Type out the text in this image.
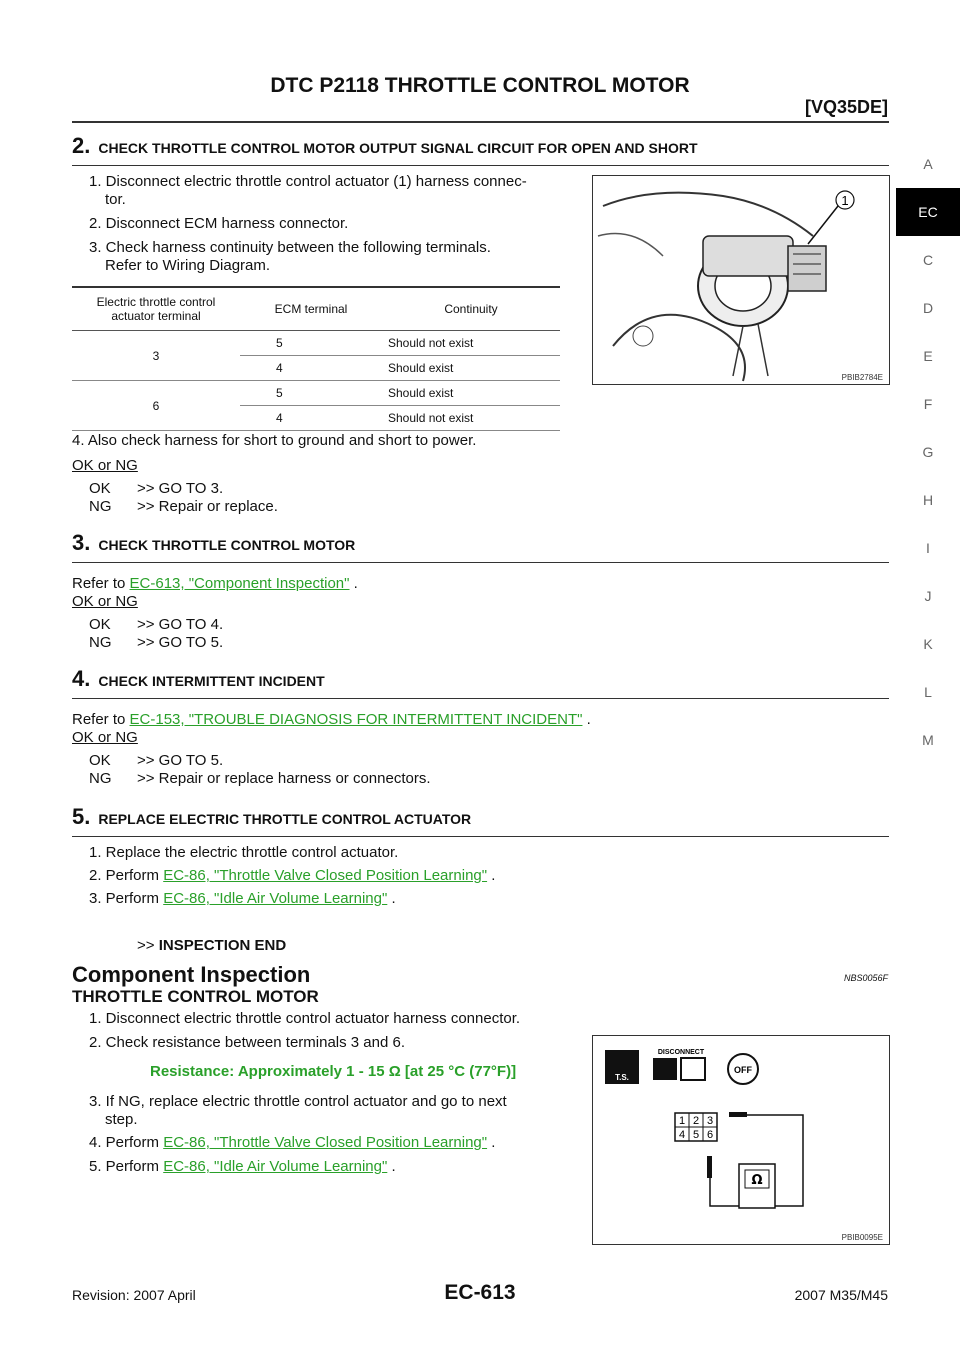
DTC P2118 THROTTLE CONTROL MOTOR
[VQ35DE]
A
EC
C
D
E
F
G
H
I
J
K
L
M
2. CHECK THROTTLE CONTROL MOTOR OUTPUT SIGNAL CIRCUIT FOR OPEN AND SHORT
1. Disconnect electric throttle control actuator (1) harness connec-
tor.
2. Disconnect ECM harness connector.
3. Check harness continuity between the following terminals.
Refer to Wiring Diagram.
Electric throttle control actuator terminal	ECM terminal	Continuity
3	5	Should not exist
	4	Should exist
6	5	Should exist
	4	Should not exist
1
PBIB2784E
4. Also check harness for short to ground and short to power.
OK or NG
OK >> GO TO 3.
NG >> Repair or replace.
3. CHECK THROTTLE CONTROL MOTOR
Refer to EC-613, "Component Inspection" .
OK or NG
OK >> GO TO 4.
NG >> GO TO 5.
4. CHECK INTERMITTENT INCIDENT
Refer to EC-153, "TROUBLE DIAGNOSIS FOR INTERMITTENT INCIDENT" .
OK or NG
OK >> GO TO 5.
NG >> Repair or replace harness or connectors.
5. REPLACE ELECTRIC THROTTLE CONTROL ACTUATOR
1. Replace the electric throttle control actuator.
2. Perform EC-86, "Throttle Valve Closed Position Learning" .
3. Perform EC-86, "Idle Air Volume Learning" .
>> INSPECTION END
Component Inspection	NBS0056F
THROTTLE CONTROL MOTOR
1. Disconnect electric throttle control actuator harness connector.
2. Check resistance between terminals 3 and 6.
Resistance: Approximately 1 - 15 Ω [at 25 °C (77°F)]
3. If NG, replace electric throttle control actuator and go to next
step.
4. Perform EC-86, "Throttle Valve Closed Position Learning" .
5. Perform EC-86, "Idle Air Volume Learning" .
T.S.
DISCONNECT
OFF
1 2 3
4 5 6
Ω
PBIB0095E
Revision: 2007 April	EC-613	2007 M35/M45
